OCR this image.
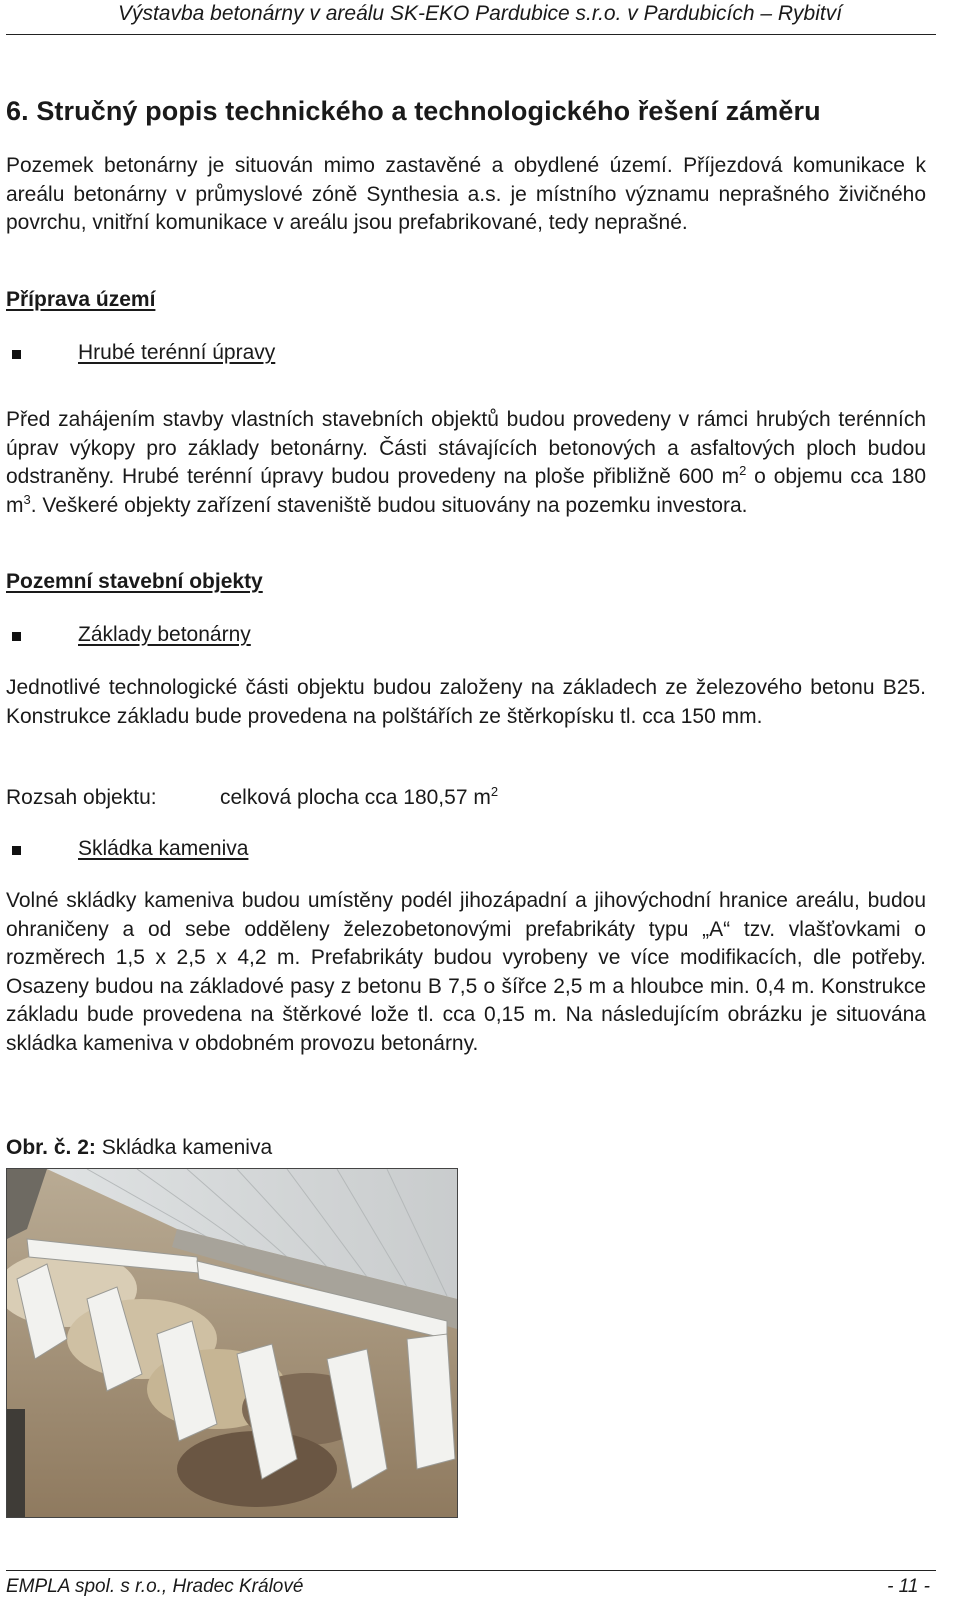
Výstavba betonárny v areálu SK-EKO Pardubice s.r.o. v Pardubicích – Rybitví
6. Stručný popis technického a technologického řešení záměru

Pozemek betonárny je situován mimo zastavěné a obydlené území. Příjezdová komunikace k areálu betonárny v průmyslové zóně Synthesia a.s. je místního významu neprašného živičného povrchu, vnitřní komunikace v areálu jsou prefabrikované, tedy neprašné.

Příprava území
Hrubé terénní úpravy

Před zahájením stavby vlastních stavebních objektů budou provedeny v rámci hrubých terénních úprav výkopy pro základy betonárny. Části stávajících betonových a asfaltových ploch budou odstraněny. Hrubé terénní úpravy budou provedeny na ploše přibližně 600 $m^2$ o objemu cca 180 $m^3$. Veškeré objekty zařízení staveniště budou situovány na pozemku investora.

Pozemní stavební objekty
Základy betonárny

Jednotlivé technologické části objektu budou založeny na základech ze železového betonu B25. Konstrukce základu bude provedena na polštářích ze štěrkopísku tl. cca 150 mm.

Rozsah objektu:	celková plocha cca 180,57 $m^2$
Skládka kameniva

Volné skládky kameniva budou umístěny podél jihozápadní a jihovýchodní hranice areálu, budou ohraničeny a od sebe odděleny železobetonovými prefabrikáty typu „A“ tzv. vlašťovkami o rozměrech 1,5 x 2,5 x 4,2 m. Prefabrikáty budou vyrobeny ve více modifikacích, dle potřeby. Osazeny budou na základové pasy z betonu B 7,5 o šířce 2,5 m a hloubce min. 0,4 m. Konstrukce základu bude provedena na štěrkové lože tl. cca 0,15 m. Na následujícím obrázku je situována skládka kameniva v obdobném provozu betonárny.

Obr. č. 2: Skládka kameniva
EMPLA spol. s r.o., Hradec Králové	- 11 -
